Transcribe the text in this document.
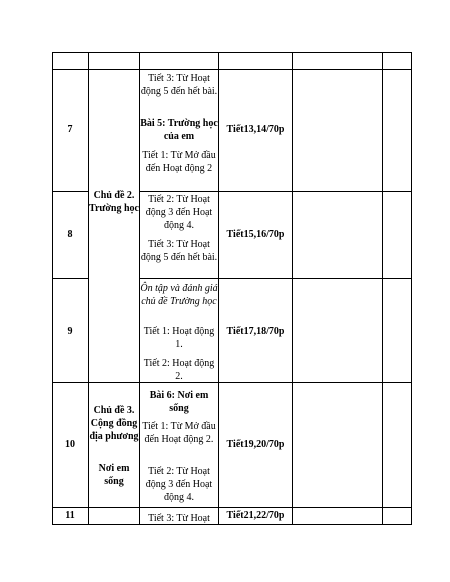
7
8
9
10
11
Chủ đề 2. Trường học
Chủ đề 3. Cộng đồng địa phương
Nơi em sống
Tiết 3: Từ Hoạt động 5 đến hết bài.
Bài 5: Trường học của em
Tiết 1: Từ Mở đầu đến Hoạt động 2
Tiết 2: Từ Hoạt động 3 đến Hoạt động 4.
Tiết 3: Từ Hoạt động 5 đến hết bài.
Ôn tập và đánh giá chủ đề Trường học
Tiết 1: Hoạt động 1.
Tiết 2: Hoạt động 2.
Bài 6: Nơi em sống
Tiết 1: Từ Mở đầu đến Hoạt động 2.
Tiết 2: Từ Hoạt động 3 đến Hoạt động 4.
Tiết 3: Từ Hoạt
Tiết13,14/70p
Tiết15,16/70p
Tiết17,18/70p
Tiết19,20/70p
Tiết21,22/70p
